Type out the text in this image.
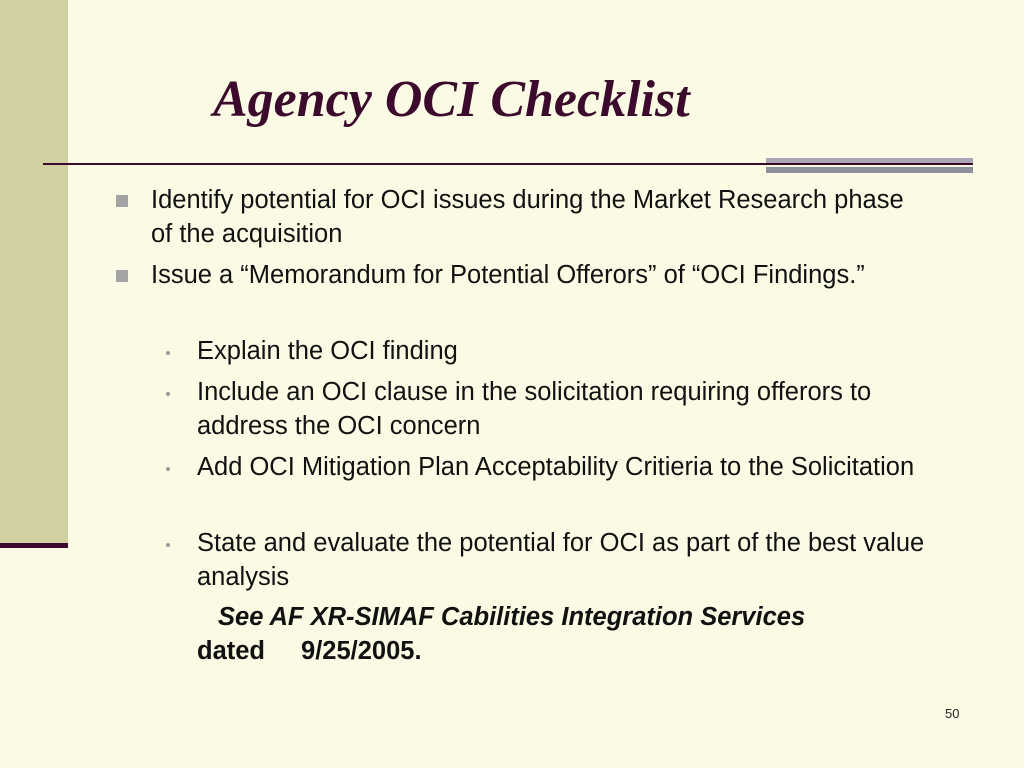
Agency OCI Checklist

Identify potential for OCI issues during the Market Research phase of the acquisition

Issue a “Memorandum for Potential Offerors” of “OCI Findings.”

Explain the OCI finding

Include an OCI clause in the solicitation requiring offerors to address the OCI concern

Add OCI Mitigation Plan Acceptability Critieria to the Solicitation

State and evaluate the potential for OCI as part of the best value analysis

See AF XR-SIMAF Cabilities Integration Services
dated 9/25/2005.

50
